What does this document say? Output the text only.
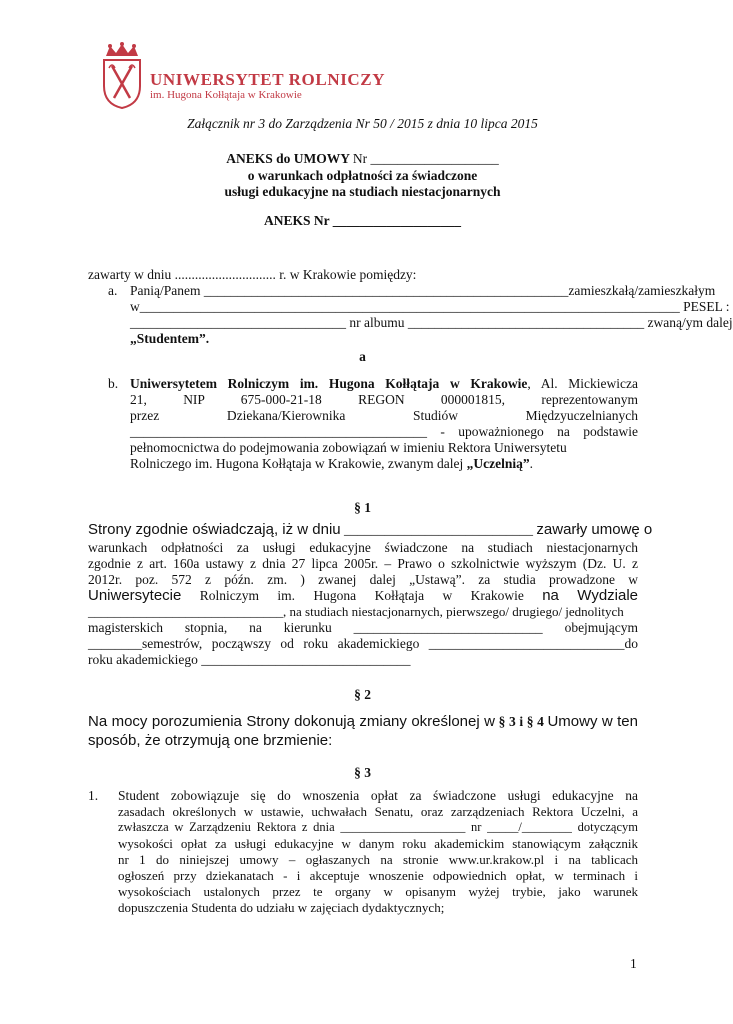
UNIWERSYTET ROLNICZY
im. Hugona Kołłątaja w Krakowie
Załącznik nr 3 do Zarządzenia Nr 50 / 2015 z dnia 10 lipca 2015
ANEKS do UMOWY Nr ___________________
o warunkach odpłatności za świadczone
usługi edukacyjne na studiach niestacjonarnych
ANEKS Nr ___________________
zawarty w dniu .............................. r. w Krakowie pomiędzy:
a. Panią/Panem ______________________________________________________zamieszkałą/zamieszkałym
w________________________________________________________________________________ PESEL :
________________________________ nr albumu ___________________________________ zwaną/ym dalej
„Studentem”.
a
b. Uniwersytetem Rolniczym im. Hugona Kołłątaja w Krakowie, Al. Mickiewicza
21,	NIP	675-000-21-18	REGON	000001815,	reprezentowanym
przez	Dziekana/Kierownika	Studiów	Międzyuczelnianych
____________________________________________ - upoważnionego na podstawie
pełnomocnictwa do podejmowania zobowiązań w imieniu Rektora Uniwersytetu
Rolniczego im. Hugona Kołłątaja w Krakowie, zwanym dalej „Uczelnią”.
§ 1
Strony zgodnie oświadczają, iż w dniu ____________________________ zawarły umowę o
warunkach odpłatności za usługi edukacyjne świadczone na studiach niestacjonarnych
zgodnie z art. 160a ustawy z dnia 27 lipca 2005r. – Prawo o szkolnictwie wyższym (Dz. U. z
2012r. poz. 572 z późn. zm. ) zwanej dalej „Ustawą”. za studia prowadzone w
Uniwersytecie Rolniczym im. Hugona Kołłątaja w Krakowie na Wydziale
______________________________, na studiach niestacjonarnych, pierwszego/ drugiego/ jednolitych
magisterskich stopnia, na kierunku ____________________________ obejmującym
________semestrów, począwszy od roku akademickiego _____________________________do
roku akademickiego _______________________________
§ 2
Na mocy porozumienia Strony dokonują zmiany określonej w § 3 i § 4 Umowy w ten
sposób, że otrzymują one brzmienie:
§ 3
1. Student zobowiązuje się do wnoszenia opłat za świadczone usługi edukacyjne na
zasadach określonych w ustawie, uchwałach Senatu, oraz zarządzeniach Rektora Uczelni, a
zwłaszcza w Zarządzeniu Rektora z dnia ____________________ nr _____/________ dotyczącym
wysokości opłat za usługi edukacyjne w danym roku akademickim stanowiącym załącznik
nr 1 do niniejszej umowy – ogłaszanych na stronie www.ur.krakow.pl i na tablicach
ogłoszeń przy dziekanatach - i akceptuje wnoszenie odpowiednich opłat, w terminach i
wysokościach ustalonych przez te organy w opisanym wyżej trybie, jako warunek
dopuszczenia Studenta do udziału w zajęciach dydaktycznych;
1
